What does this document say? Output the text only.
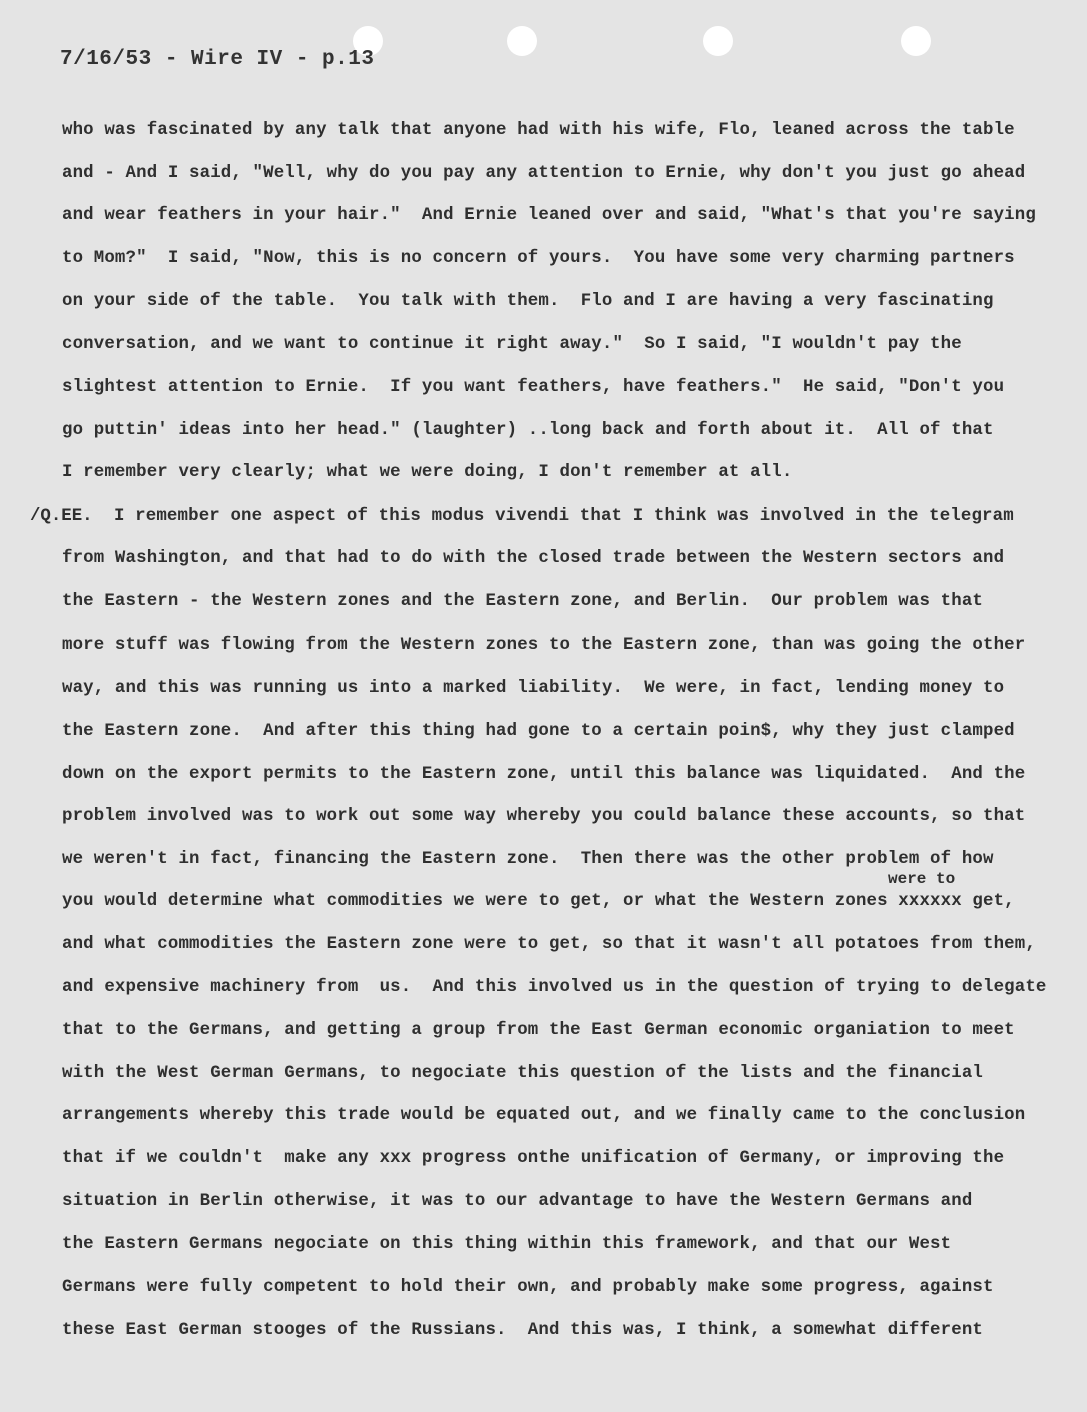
7/16/53 - Wire IV - p.13
who was fascinated by any talk that anyone had with his wife, Flo, leaned across the table
and - And I said, "Well, why do you pay any attention to Ernie, why don't you just go ahead
and wear feathers in your hair."  And Ernie leaned over and said, "What's that you're saying
to Mom?"  I said, "Now, this is no concern of yours.  You have some very charming partners
on your side of the table.  You talk with them.  Flo and I are having a very fascinating
conversation, and we want to continue it right away."  So I said, "I wouldn't pay the
slightest attention to Ernie.  If you want feathers, have feathers."  He said, "Don't you
go puttin' ideas into her head." (laughter) ..long back and forth about it.  All of that
I remember very clearly; what we were doing, I don't remember at all.
/Q.EE. I remember one aspect of this modus vivendi that I think was involved in the telegram
from Washington, and that had to do with the closed trade between the Western sectors and
the Eastern - the Western zones and the Eastern zone, and Berlin.  Our problem was that
more stuff was flowing from the Western zones to the Eastern zone, than was going the other
way, and this was running us into a marked liability.  We were, in fact, lending money to
the Eastern zone.  And after this thing had gone to a certain poin$, why they just clamped
down on the export permits to the Eastern zone, until this balance was liquidated.  And the
problem involved was to work out some way whereby you could balance these accounts, so that
we weren't in fact, financing the Eastern zone.  Then there was the other problem of how
were to
you would determine what commodities we were to get, or what the Western zones xxxxxx get,
and what commodities the Eastern zone were to get, so that it wasn't all potatoes from them,
and expensive machinery from  us.  And this involved us in the question of trying to delegate
that to the Germans, and getting a group from the East German economic organiation to meet
with the West German Germans, to negociate this question of the lists and the financial
arrangements whereby this trade would be equated out, and we finally came to the conclusion
that if we couldn't  make any xxx progress onthe unification of Germany, or improving the
situation in Berlin otherwise, it was to our advantage to have the Western Germans and
the Eastern Germans negociate on this thing within this framework, and that our West
Germans were fully competent to hold their own, and probably make some progress, against
these East German stooges of the Russians.  And this was, I think, a somewhat different
